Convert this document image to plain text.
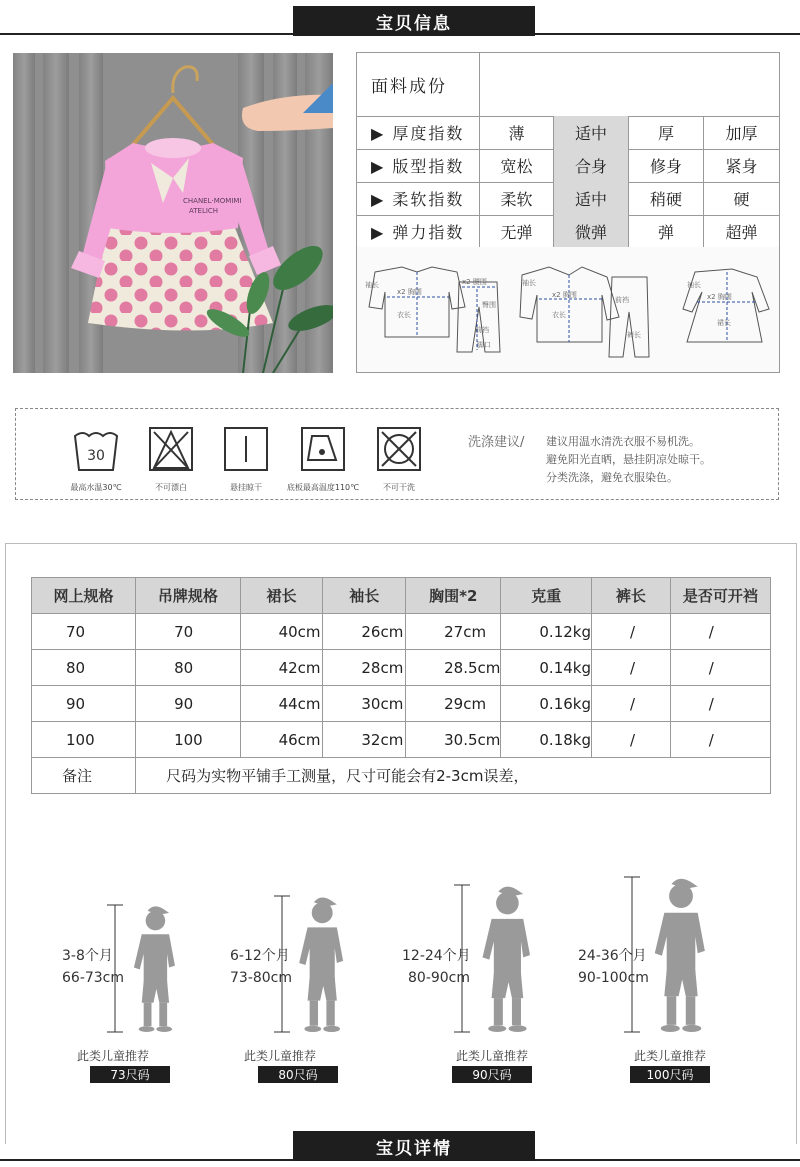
宝贝信息
CHANEL·MOMIMI
ATELICH
面料成份
▶ 厚度指数	薄	适中	厚	加厚
▶ 版型指数	宽松	合身	修身	紧身
▶ 柔软指数	柔软	适中	稍硬	硬
▶ 弹力指数	无弹	微弹	弹	超弹
袖长
x2 胸围
x2 腰围
衣长
臀围
前裆
脚口
袖长
x2 胸围
衣长
前裆
裤长
袖长
x2 胸围
裙长
30
最高水温30℃	不可漂白	悬挂晾干	底板最高温度110℃	不可干洗
洗涤建议/ 建议用温水清洗衣服不易机洗。
避免阳光直晒，悬挂阴凉处晾干。
分类洗涤，避免衣服染色。
网上规格	吊牌规格	裙长	袖长	胸围*2	克重	裤长	是否可开裆
70	70	40cm	26cm	27cm	0.12kg	/	/
80	80	42cm	28cm	28.5cm	0.14kg	/	/
90	90	44cm	30cm	29cm	0.16kg	/	/
100	100	46cm	32cm	30.5cm	0.18kg	/	/
备注	尺码为实物平铺手工测量，尺寸可能会有2-3cm误差，						
3-8个月
66-73cm
此类儿童推荐
73尺码
6-12个月
73-80cm
此类儿童推荐
80尺码
12-24个月
80-90cm
此类儿童推荐
90尺码
24-36个月
90-100cm
此类儿童推荐
100尺码
宝贝详情
